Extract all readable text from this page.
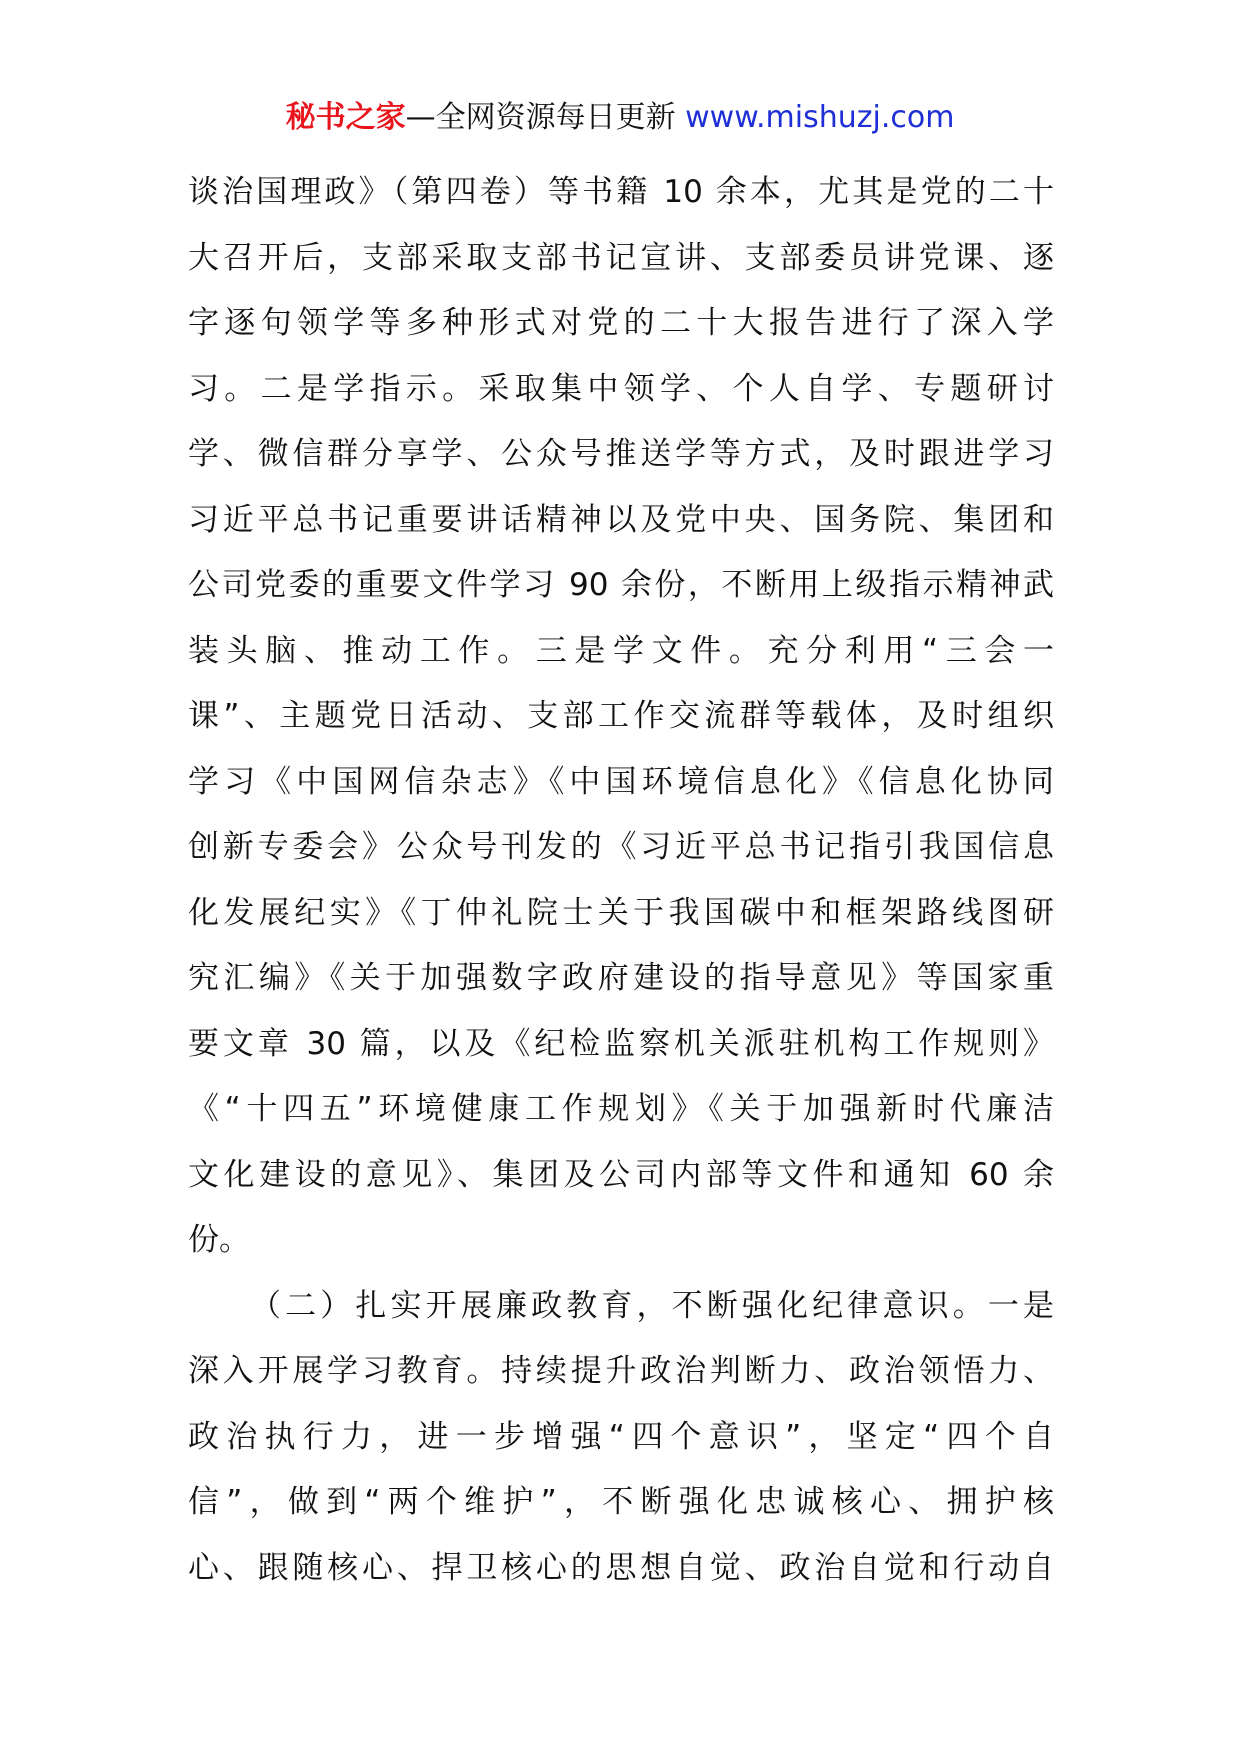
秘书之家—全网资源每日更新 www.mishuzj.com
谈治国理政》（第四卷）等书籍 10 余本，尤其是党的二十
大召开后，支部采取支部书记宣讲、支部委员讲党课、逐
字逐句领学等多种形式对党的二十大报告进行了深入学
习。二是学指示。采取集中领学、个人自学、专题研讨
学、微信群分享学、公众号推送学等方式，及时跟进学习
习近平总书记重要讲话精神以及党中央、国务院、集团和
公司党委的重要文件学习 90 余份，不断用上级指示精神武
装头脑、推动工作。三是学文件。充分利用“三会一
课”、主题党日活动、支部工作交流群等载体，及时组织
学习《中国网信杂志》《中国环境信息化》《信息化协同
创新专委会》公众号刊发的《习近平总书记指引我国信息
化发展纪实》《丁仲礼院士关于我国碳中和框架路线图研
究汇编》《关于加强数字政府建设的指导意见》等国家重
要文章 30 篇，以及《纪检监察机关派驻机构工作规则》
《“十四五”环境健康工作规划》《关于加强新时代廉洁
文化建设的意见》、集团及公司内部等文件和通知 60 余
份。
（二）扎实开展廉政教育，不断强化纪律意识。一是
深入开展学习教育。持续提升政治判断力、政治领悟力、
政治执行力，进一步增强“四个意识”，坚定“四个自
信”，做到“两个维护”，不断强化忠诚核心、拥护核
心、跟随核心、捍卫核心的思想自觉、政治自觉和行动自
